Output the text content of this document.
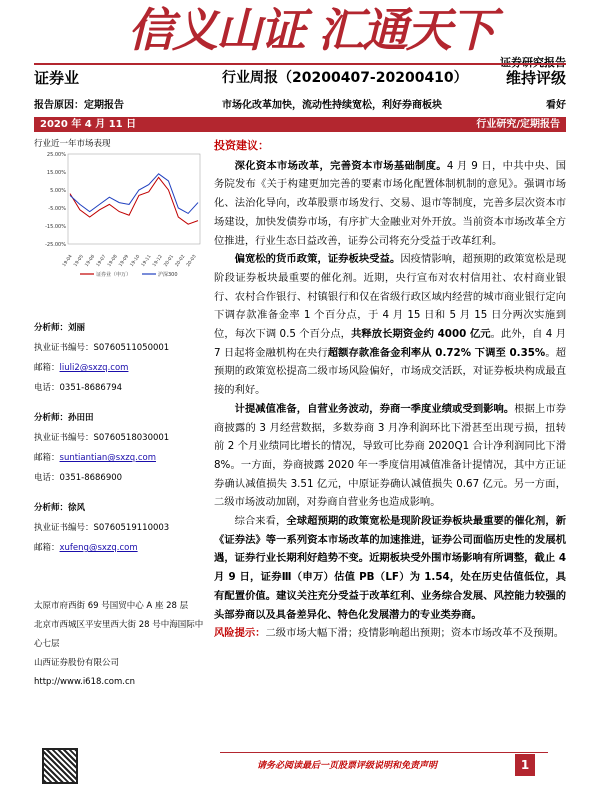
信义山证 汇通天下
证券业	行业周报（20200407-20200410）	维持评级
报告原因：定期报告	市场化改革加快，流动性持续宽松，利好券商板块	看好
2020 年 4 月 11 日	行业研究/定期报告
行业近一年市场表现
25.00%
15.00%
5.00%
-5.00%
-15.00%
-25.00%
19-04 19-05 19-06 19-07 19-08 19-09 19-10 19-11 19-12 20-01 20-02 20-03
证券业（申万）	沪深300
分析师：刘丽
执业证书编号：S0760511050001
邮箱：liuli2@sxzq.com
电话：0351-8686794
分析师：孙田田
执业证书编号：S0760518030001
邮箱：suntiantian@sxzq.com
电话：0351-8686900
分析师：徐风
执业证书编号：S0760519110003
邮箱：xufeng@sxzq.com
太原市府西街 69 号国贸中心 A 座 28 层
北京市西城区平安里西大街 28 号中海国际中心七层
山西证券股份有限公司
http://www.i618.com.cn
投资建议：

深化资本市场改革，完善资本市场基础制度。4 月 9 日，中共中央、国务院发布《关于构建更加完善的要素市场化配置体制机制的意见》。强调市场化、法治化导向，改革股票市场发行、交易、退市等制度，完善多层次资本市场建设，加快发债券市场，有序扩大金融业对外开放。当前资本市场改革全方位推进，行业生态日益改善，证券公司将充分受益于改革红利。

偏宽松的货币政策，证券板块受益。因疫情影响，超预期的政策宽松是现阶段证券板块最重要的催化剂。近期，央行宣布对农村信用社、农村商业银行、农村合作银行、村镇银行和仅在省级行政区域内经营的城市商业银行定向下调存款准备金率 1 个百分点，于 4 月 15 日和 5 月 15 日分两次实施到位，每次下调 0.5 个百分点，共释放长期资金约 4000 亿元。此外，自 4 月 7 日起将金融机构在央行超额存款准备金利率从 0.72% 下调至 0.35%。超预期的政策宽松提高二级市场风险偏好，市场成交活跃，对证券板块构成最直接的利好。

计提减值准备，自营业务波动，券商一季度业绩或受到影响。根据上市券商披露的 3 月经营数据，多数券商 3 月净利润环比下滑甚至出现亏损，扭转前 2 个月业绩同比增长的情况，导致可比券商 2020Q1 合计净利润同比下滑 8%。一方面，券商披露 2020 年一季度信用减值准备计提情况，其中方正证券确认减值损失 3.51 亿元，中原证券确认减值损失 0.67 亿元。另一方面，二级市场波动加剧，对券商自营业务也造成影响。

综合来看，全球超预期的政策宽松是现阶段证券板块最重要的催化剂，新《证券法》等一系列资本市场改革的加速推进，证券公司面临历史性的发展机遇，证券行业长期利好趋势不变。近期板块受外围市场影响有所调整，截止 4 月 9 日，证券Ⅲ（申万）估值 PB（LF）为 1.54，处在历史估值低位，具有配置价值。建议关注充分受益于改革红利、业务综合发展、风控能力较强的头部券商以及具备差异化、特色化发展潜力的专业类券商。

风险提示：二级市场大幅下滑；疫情影响超出预期；资本市场改革不及预期。

请务必阅读最后一页股票评级说明和免责声明	1
